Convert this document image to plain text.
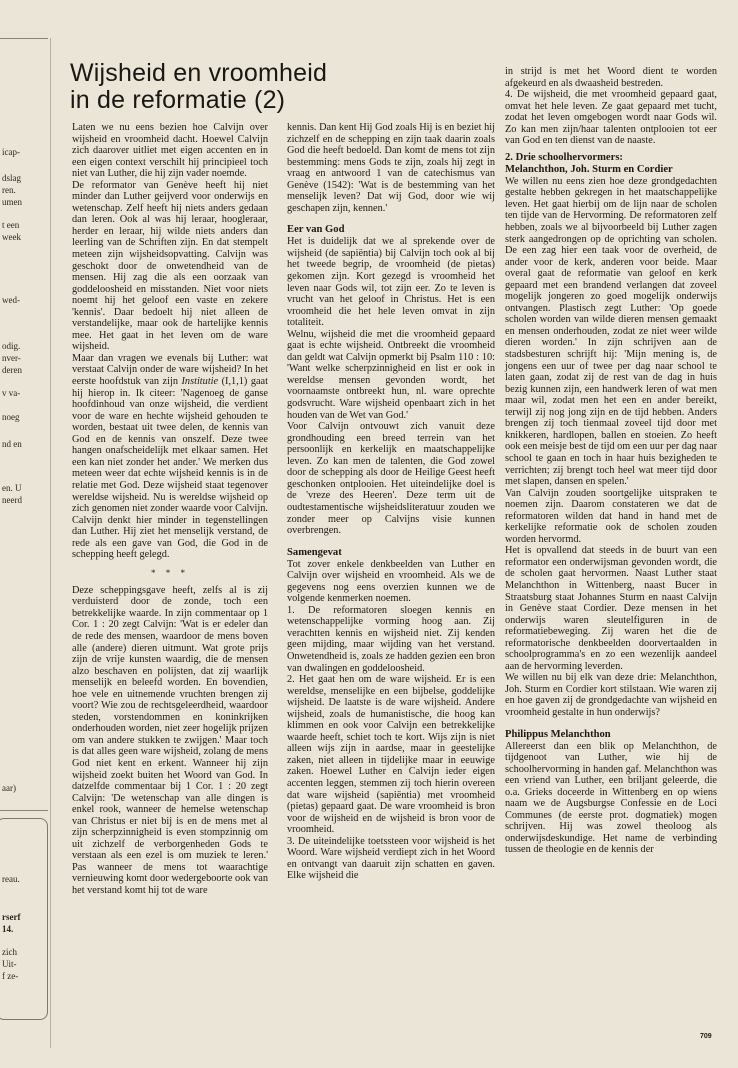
icap-
dslag
ren.
umen
t een
week
wed-
odig.
nver-
deren
v va-
noeg
nd en
en. U
neerd
aar)
reau.
rserf
14.
zich
Uit-
f ze-
Wijsheid en vroomheid
in de reformatie (2)

Laten we nu eens bezien hoe Calvijn over wijsheid en vroomheid dacht. Hoewel Calvijn zich daarover uitliet met eigen accenten en in een eigen context verschilt hij principieel toch niet van Luther, die hij zijn vader noemde.

De reformator van Genève heeft hij niet minder dan Luther geijverd voor onderwijs en wetenschap. Zelf heeft hij niets anders gedaan dan leren. Ook al was hij leraar, hoogleraar, herder en leraar, hij wilde niets anders dan leerling van de Schriften zijn. En dat stempelt meteen zijn wijsheidsopvatting. Calvijn was geschokt door de onwetendheid van de mensen. Hij zag die als een oorzaak van goddeloosheid en misstanden. Niet voor niets noemt hij het geloof een vaste en zekere 'kennis'. Daar bedoelt hij niet alleen de verstandelijke, maar ook de hartelijke kennis mee. Het gaat in het leven om de ware wijsheid.

Maar dan vragen we evenals bij Luther: wat verstaat Calvijn onder de ware wijsheid? In het eerste hoofdstuk van zijn Institutie (I,1,1) gaat hij hierop in. Ik citeer: 'Nagenoeg de ganse hoofdinhoud van onze wijsheid, die verdient voor de ware en hechte wijsheid gehouden te worden, bestaat uit twee delen, de kennis van God en de kennis van onszelf. Deze twee hangen onafscheidelijk met elkaar samen. Het een kan niet zonder het ander.' We merken dus meteen weer dat echte wijsheid kennis is in de relatie met God. Deze wijsheid staat tegenover wereldse wijsheid. Nu is wereldse wijsheid op zich genomen niet zonder waarde voor Calvijn. Calvijn denkt hier minder in tegenstellingen dan Luther. Hij ziet het menselijk verstand, de rede als een gave van God, die God in de schepping heeft gelegd.

* * *

Deze scheppingsgave heeft, zelfs al is zij verduisterd door de zonde, toch een betrekkelijke waarde. In zijn commentaar op 1 Cor. 1 : 20 zegt Calvijn: 'Wat is er edeler dan de rede des mensen, waardoor de mens boven alle (andere) dieren uitmunt. Wat grote prijs zijn de vrije kunsten waardig, die de mensen alzo beschaven en polijsten, dat zij waarlijk menselijk en beleefd worden. En bovendien, hoe vele en uitnemende vruchten brengen zij voort? Wie zou de rechtsgeleerdheid, waardoor steden, vorstendommen en koninkrijken onderhouden worden, niet zeer hogelijk prijzen om van andere stukken te zwijgen.' Maar toch is dat alles geen ware wijsheid, zolang de mens God niet kent en erkent. Wanneer hij zijn wijsheid zoekt buiten het Woord van God. In datzelfde commentaar bij 1 Cor. 1 : 20 zegt Calvijn: 'De wetenschap van alle dingen is enkel rook, wanneer de hemelse wetenschap van Christus er niet bij is en de mens met al zijn scherpzinnigheid is even stompzinnig om uit zichzelf de verborgenheden Gods te verstaan als een ezel is om muziek te leren.' Pas wanneer de mens tot waarachtige vernieuwing komt door wedergeboorte ook van het verstand komt hij tot de ware

kennis. Dan kent Hij God zoals Hij is en beziet hij zichzelf en de schepping en zijn taak daarin zoals God die heeft bedoeld. Dan komt de mens tot zijn bestemming: mens Gods te zijn, zoals hij zegt in vraag en antwoord 1 van de catechismus van Genève (1542): 'Wat is de bestemming van het menselijk leven? Dat wij God, door wie wij geschapen zijn, kennen.'

Eer van God

Het is duidelijk dat we al sprekende over de wijsheid (de sapiëntia) bij Calvijn toch ook al bij het tweede begrip, de vroomheid (de pietas) gekomen zijn. Kort gezegd is vroomheid het leven naar Gods wil, tot zijn eer. Zo te leven is vrucht van het geloof in Christus. Het is een vroomheid die het hele leven omvat in zijn totaliteit.

Welnu, wijsheid die met die vroomheid gepaard gaat is echte wijsheid. Ontbreekt die vroomheid dan geldt wat Calvijn opmerkt bij Psalm 110 : 10: 'Want welke scherpzinnigheid en list er ook in wereldse mensen gevonden wordt, het voornaamste ontbreekt hun, nl. ware oprechte godsvrucht. Ware wijsheid openbaart zich in het houden van de Wet van God.'

Voor Calvijn ontvouwt zich vanuit deze grondhouding een breed terrein van het persoonlijk en kerkelijk en maatschappelijke leven. Zo kan men de talenten, die God zowel door de schepping als door de Heilige Geest heeft geschonken ontplooien. Het uiteindelijke doel is de 'vreze des Heeren'. Deze term uit de oudtestamentische wijsheidsliteratuur zouden we zonder meer op Calvijns visie kunnen overbrengen.

Samengevat

Tot zover enkele denkbeelden van Luther en Calvijn over wijsheid en vroomheid. Als we de gegevens nog eens overzien kunnen we de volgende kenmerken noemen.

1. De reformatoren sloegen kennis en wetenschappelijke vorming hoog aan. Zij verachtten kennis en wijsheid niet. Zij kenden geen mijding, maar wijding van het verstand. Onwetendheid is, zoals ze hadden gezien een bron van dwalingen en goddeloosheid.

2. Het gaat hen om de ware wijsheid. Er is een wereldse, menselijke en een bijbelse, goddelijke wijsheid. De laatste is de ware wijsheid. Andere wijsheid, zoals de humanistische, die hoog kan klimmen en ook voor Calvijn een betrekkelijke waarde heeft, schiet toch te kort. Wijs zijn is niet alleen wijs zijn in aardse, maar in geestelijke zaken, niet alleen in tijdelijke maar in eeuwige zaken. Hoewel Luther en Calvijn ieder eigen accenten leggen, stemmen zij toch hierin overeen dat ware wijsheid (sapiëntia) met vroomheid (pietas) gepaard gaat. De ware vroomheid is bron voor de wijsheid en de wijsheid is bron voor de vroomheid.

3. De uiteindelijke toetssteen voor wijsheid is het Woord. Ware wijsheid verdiept zich in het Woord en ontvangt van daaruit zijn schatten en gaven. Elke wijsheid die

in strijd is met het Woord dient te worden afgekeurd en als dwaasheid bestreden.

4. De wijsheid, die met vroomheid gepaard gaat, omvat het hele leven. Ze gaat gepaard met tucht, zodat het leven omgebogen wordt naar Gods wil. Zo kan men zijn/haar talenten ontplooien tot eer van God en ten dienst van de naaste.

2. Drie schoolhervormers:

Melanchthon, Joh. Sturm en Cordier

We willen nu eens zien hoe deze grondgedachten gestalte hebben gekregen in het maatschappelijke leven. Het gaat hierbij om de lijn naar de scholen ten tijde van de Hervorming. De reformatoren zelf hebben, zoals we al bijvoorbeeld bij Luther zagen sterk aangedrongen op de oprichting van scholen. De een zag hier een taak voor de overheid, de ander voor de kerk, anderen voor beide. Maar overal gaat de reformatie van geloof en kerk gepaard met een brandend verlangen dat zoveel mogelijk jongeren zo goed mogelijk onderwijs ontvangen. Plastisch zegt Luther: 'Op goede scholen worden van wilde dieren mensen gemaakt en mensen onderhouden, zodat ze niet weer wilde dieren worden.' In zijn schrijven aan de stadsbesturen schrijft hij: 'Mijn mening is, de jongens een uur of twee per dag naar school te laten gaan, zodat zij de rest van de dag in huis bezig kunnen zijn, een handwerk leren of wat men maar wil, zodat men het een en ander bereikt, terwijl zij nog jong zijn en de tijd hebben. Anders brengen zij toch tienmaal zoveel tijd door met knikkeren, hardlopen, ballen en stoeien. Zo heeft ook een meisje best de tijd om een uur per dag naar school te gaan en toch in haar huis bezigheden te verrichten; zij brengt toch heel wat meer tijd door met slapen, dansen en spelen.'

Van Calvijn zouden soortgelijke uitspraken te noemen zijn. Daarom constateren we dat de reformatoren wilden dat hand in hand met de kerkelijke reformatie ook de scholen zouden worden hervormd.

Het is opvallend dat steeds in de buurt van een reformator een onderwijsman gevonden wordt, die de scholen gaat hervormen. Naast Luther staat Melanchthon in Wittenberg, naast Bucer in Straatsburg staat Johannes Sturm en naast Calvijn in Genève staat Cordier. Deze mensen in het onderwijs waren sleutelfiguren in de reformatiebeweging. Zij waren het die de reformatorische denkbeelden doorvertaalden in schoolprogramma's en zo een wezenlijk aandeel aan de hervorming leverden.

We willen nu bij elk van deze drie: Melanchthon, Joh. Sturm en Cordier kort stilstaan. Wie waren zij en hoe gaven zij de grondgedachte van wijsheid en vroomheid gestalte in hun onderwijs?

Philippus Melanchthon

Allereerst dan een blik op Melanchthon, de tijdgenoot van Luther, wie hij de schoolhervorming in handen gaf. Melanchthon was een vriend van Luther, een briljant geleerde, die o.a. Grieks doceerde in Wittenberg en op wiens naam we de Augsburgse Confessie en de Loci Communes (de eerste prot. dogmatiek) mogen schrijven. Hij was zowel theoloog als onderwijsdeskundige. Het name de verbinding tussen de theologie en de kennis der

709
